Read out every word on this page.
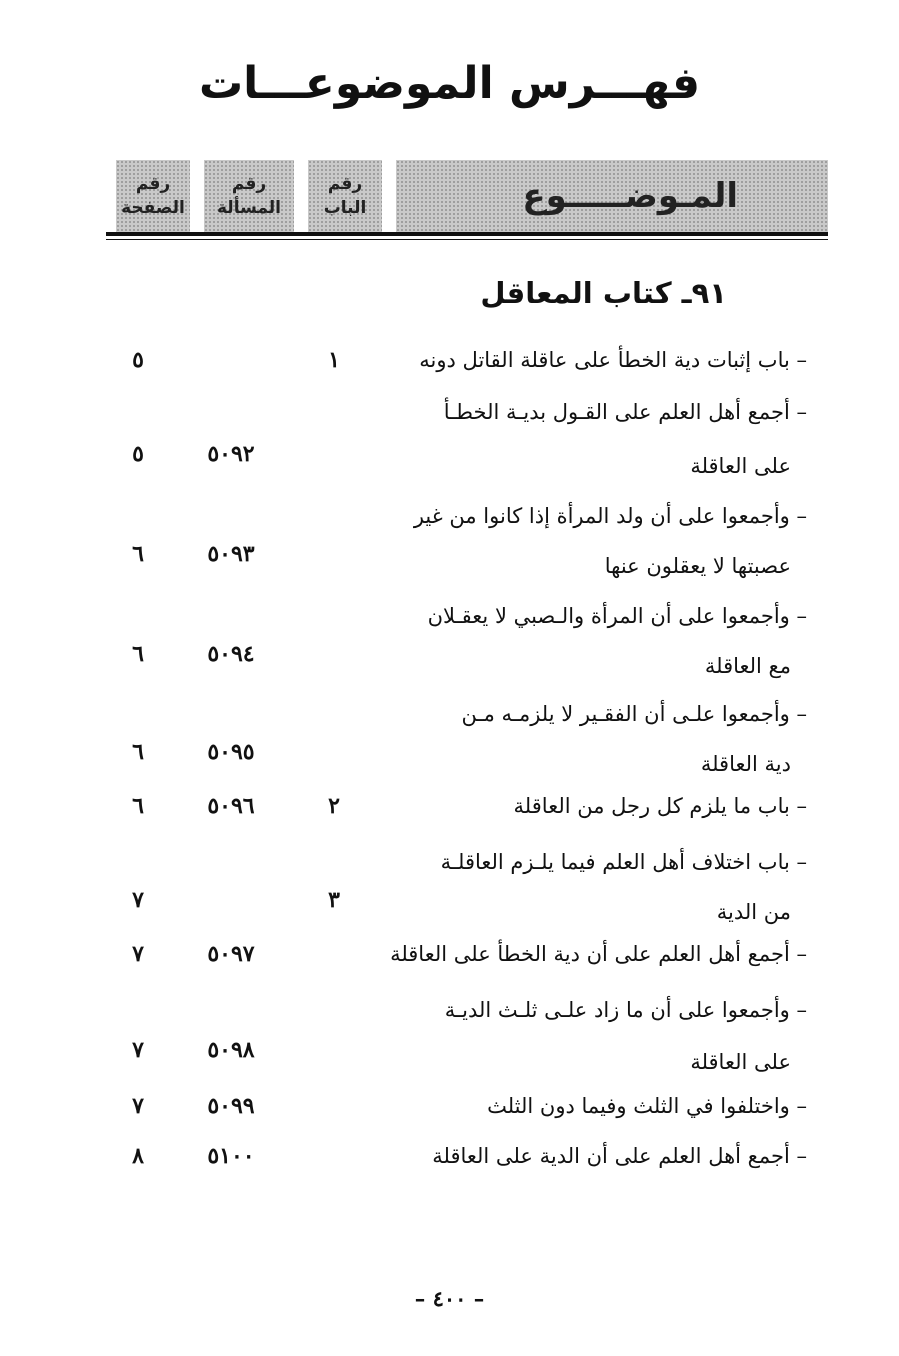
فهـــرس الموضوعـــات
المـوضـــــوع
رقم
الباب
رقم
المسألة
رقم
الصفحة
٩١ـ كتاب المعاقل
– باب إثبات دية الخطأ على عاقلة القاتل دونه
١
٥
– أجمع أهل العلم على القـول بديـة الخطـأ
على العاقلة
٥٠٩٢
٥
– وأجمعوا على أن ولد المرأة إذا كانوا من غير
عصبتها لا يعقلون عنها
٥٠٩٣
٦
– وأجمعوا على أن المرأة والـصبي لا يعقـلان
مع العاقلة
٥٠٩٤
٦
– وأجمعوا علـى أن الفقـير لا يلزمـه مـن
دية العاقلة
٥٠٩٥
٦
– باب ما يلزم كل رجل من العاقلة
٢
٥٠٩٦
٦
– باب اختلاف أهل العلم فيما يلـزم العاقلـة
من الدية
٣
٧
– أجمع أهل العلم على أن دية الخطأ على العاقلة
٥٠٩٧
٧
– وأجمعوا على أن ما زاد علـى ثلـث الديـة
على العاقلة
٥٠٩٨
٧
– واختلفوا في الثلث وفيما دون الثلث
٥٠٩٩
٧
– أجمع أهل العلم على أن الدية على العاقلة
٥١٠٠
٨
– ٤٠٠ –
